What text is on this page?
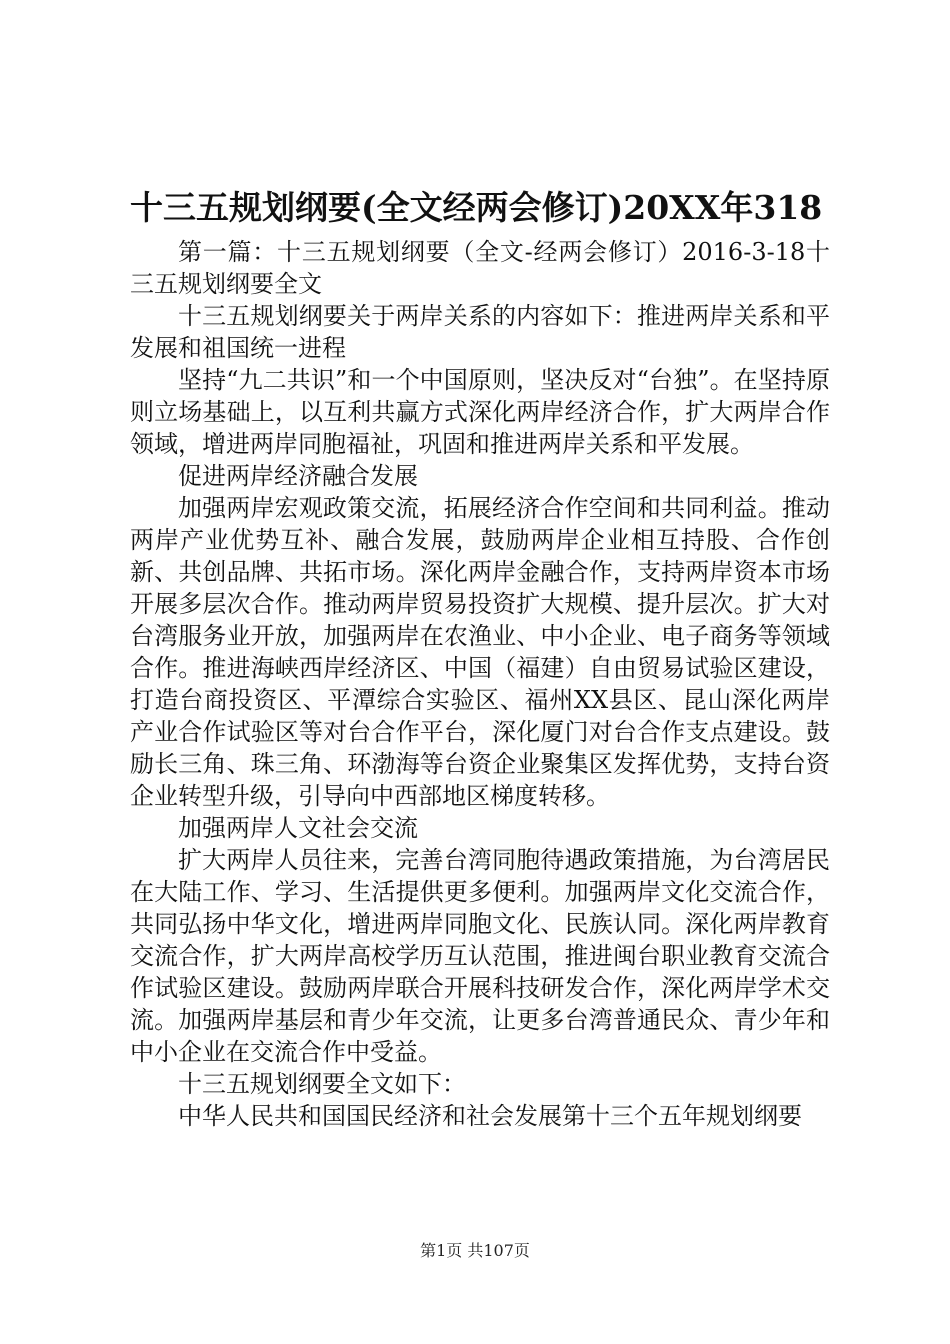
十三五规划纲要(全文经两会修订)20XX年318

第一篇：十三五规划纲要（全文-经两会修订）2016-3-18十三五规划纲要全文

十三五规划纲要关于两岸关系的内容如下：推进两岸关系和平发展和祖国统一进程

坚持“九二共识”和一个中国原则，坚决反对“台独”。在坚持原则立场基础上，以互利共赢方式深化两岸经济合作，扩大两岸合作领域，增进两岸同胞福祉，巩固和推进两岸关系和平发展。

促进两岸经济融合发展

加强两岸宏观政策交流，拓展经济合作空间和共同利益。推动两岸产业优势互补、融合发展，鼓励两岸企业相互持股、合作创新、共创品牌、共拓市场。深化两岸金融合作，支持两岸资本市场开展多层次合作。推动两岸贸易投资扩大规模、提升层次。扩大对台湾服务业开放，加强两岸在农渔业、中小企业、电子商务等领域合作。推进海峡西岸经济区、中国（福建）自由贸易试验区建设，打造台商投资区、平潭综合实验区、福州XX县区、昆山深化两岸产业合作试验区等对台合作平台，深化厦门对台合作支点建设。鼓励长三角、珠三角、环渤海等台资企业聚集区发挥优势，支持台资企业转型升级，引导向中西部地区梯度转移。

加强两岸人文社会交流

扩大两岸人员往来，完善台湾同胞待遇政策措施，为台湾居民在大陆工作、学习、生活提供更多便利。加强两岸文化交流合作，共同弘扬中华文化，增进两岸同胞文化、民族认同。深化两岸教育交流合作，扩大两岸高校学历互认范围，推进闽台职业教育交流合作试验区建设。鼓励两岸联合开展科技研发合作，深化两岸学术交流。加强两岸基层和青少年交流，让更多台湾普通民众、青少年和中小企业在交流合作中受益。

十三五规划纲要全文如下：

中华人民共和国国民经济和社会发展第十三个五年规划纲要

第1页 共107页
